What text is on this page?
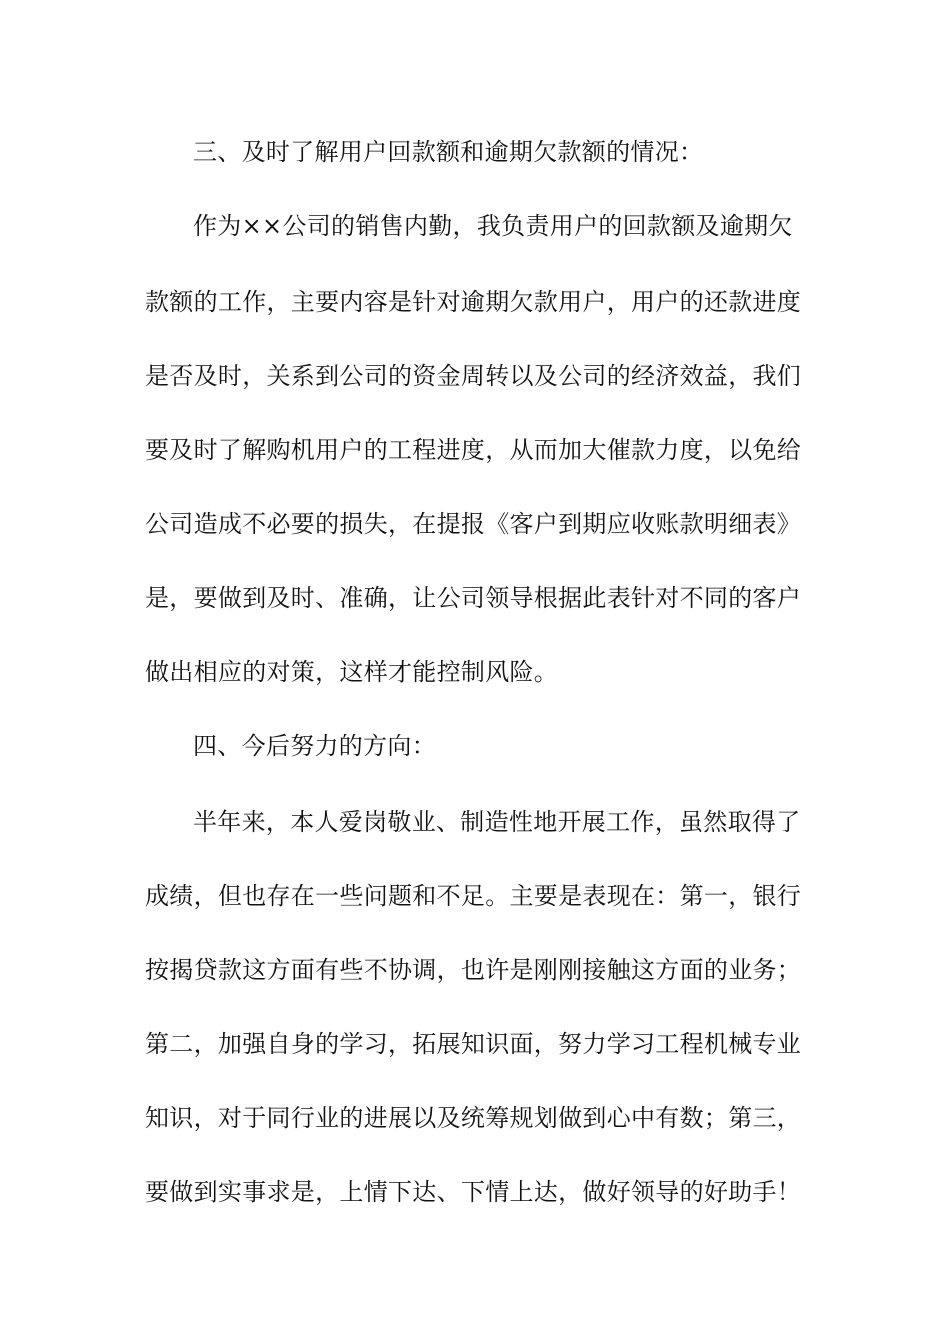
三、及时了解用户回款额和逾期欠款额的情况：
作为××公司的销售内勤，我负责用户的回款额及逾期欠
款额的工作，主要内容是针对逾期欠款用户，用户的还款进度
是否及时，关系到公司的资金周转以及公司的经济效益，我们
要及时了解购机用户的工程进度，从而加大催款力度，以免给
公司造成不必要的损失，在提报《客户到期应收账款明细表》
是，要做到及时、准确，让公司领导根据此表针对不同的客户
做出相应的对策，这样才能控制风险。
四、今后努力的方向：
半年来，本人爱岗敬业、制造性地开展工作，虽然取得了
成绩，但也存在一些问题和不足。主要是表现在：第一，银行
按揭贷款这方面有些不协调，也许是刚刚接触这方面的业务；
第二，加强自身的学习，拓展知识面，努力学习工程机械专业
知识，对于同行业的进展以及统筹规划做到心中有数；第三，
要做到实事求是，上情下达、下情上达，做好领导的好助手！
